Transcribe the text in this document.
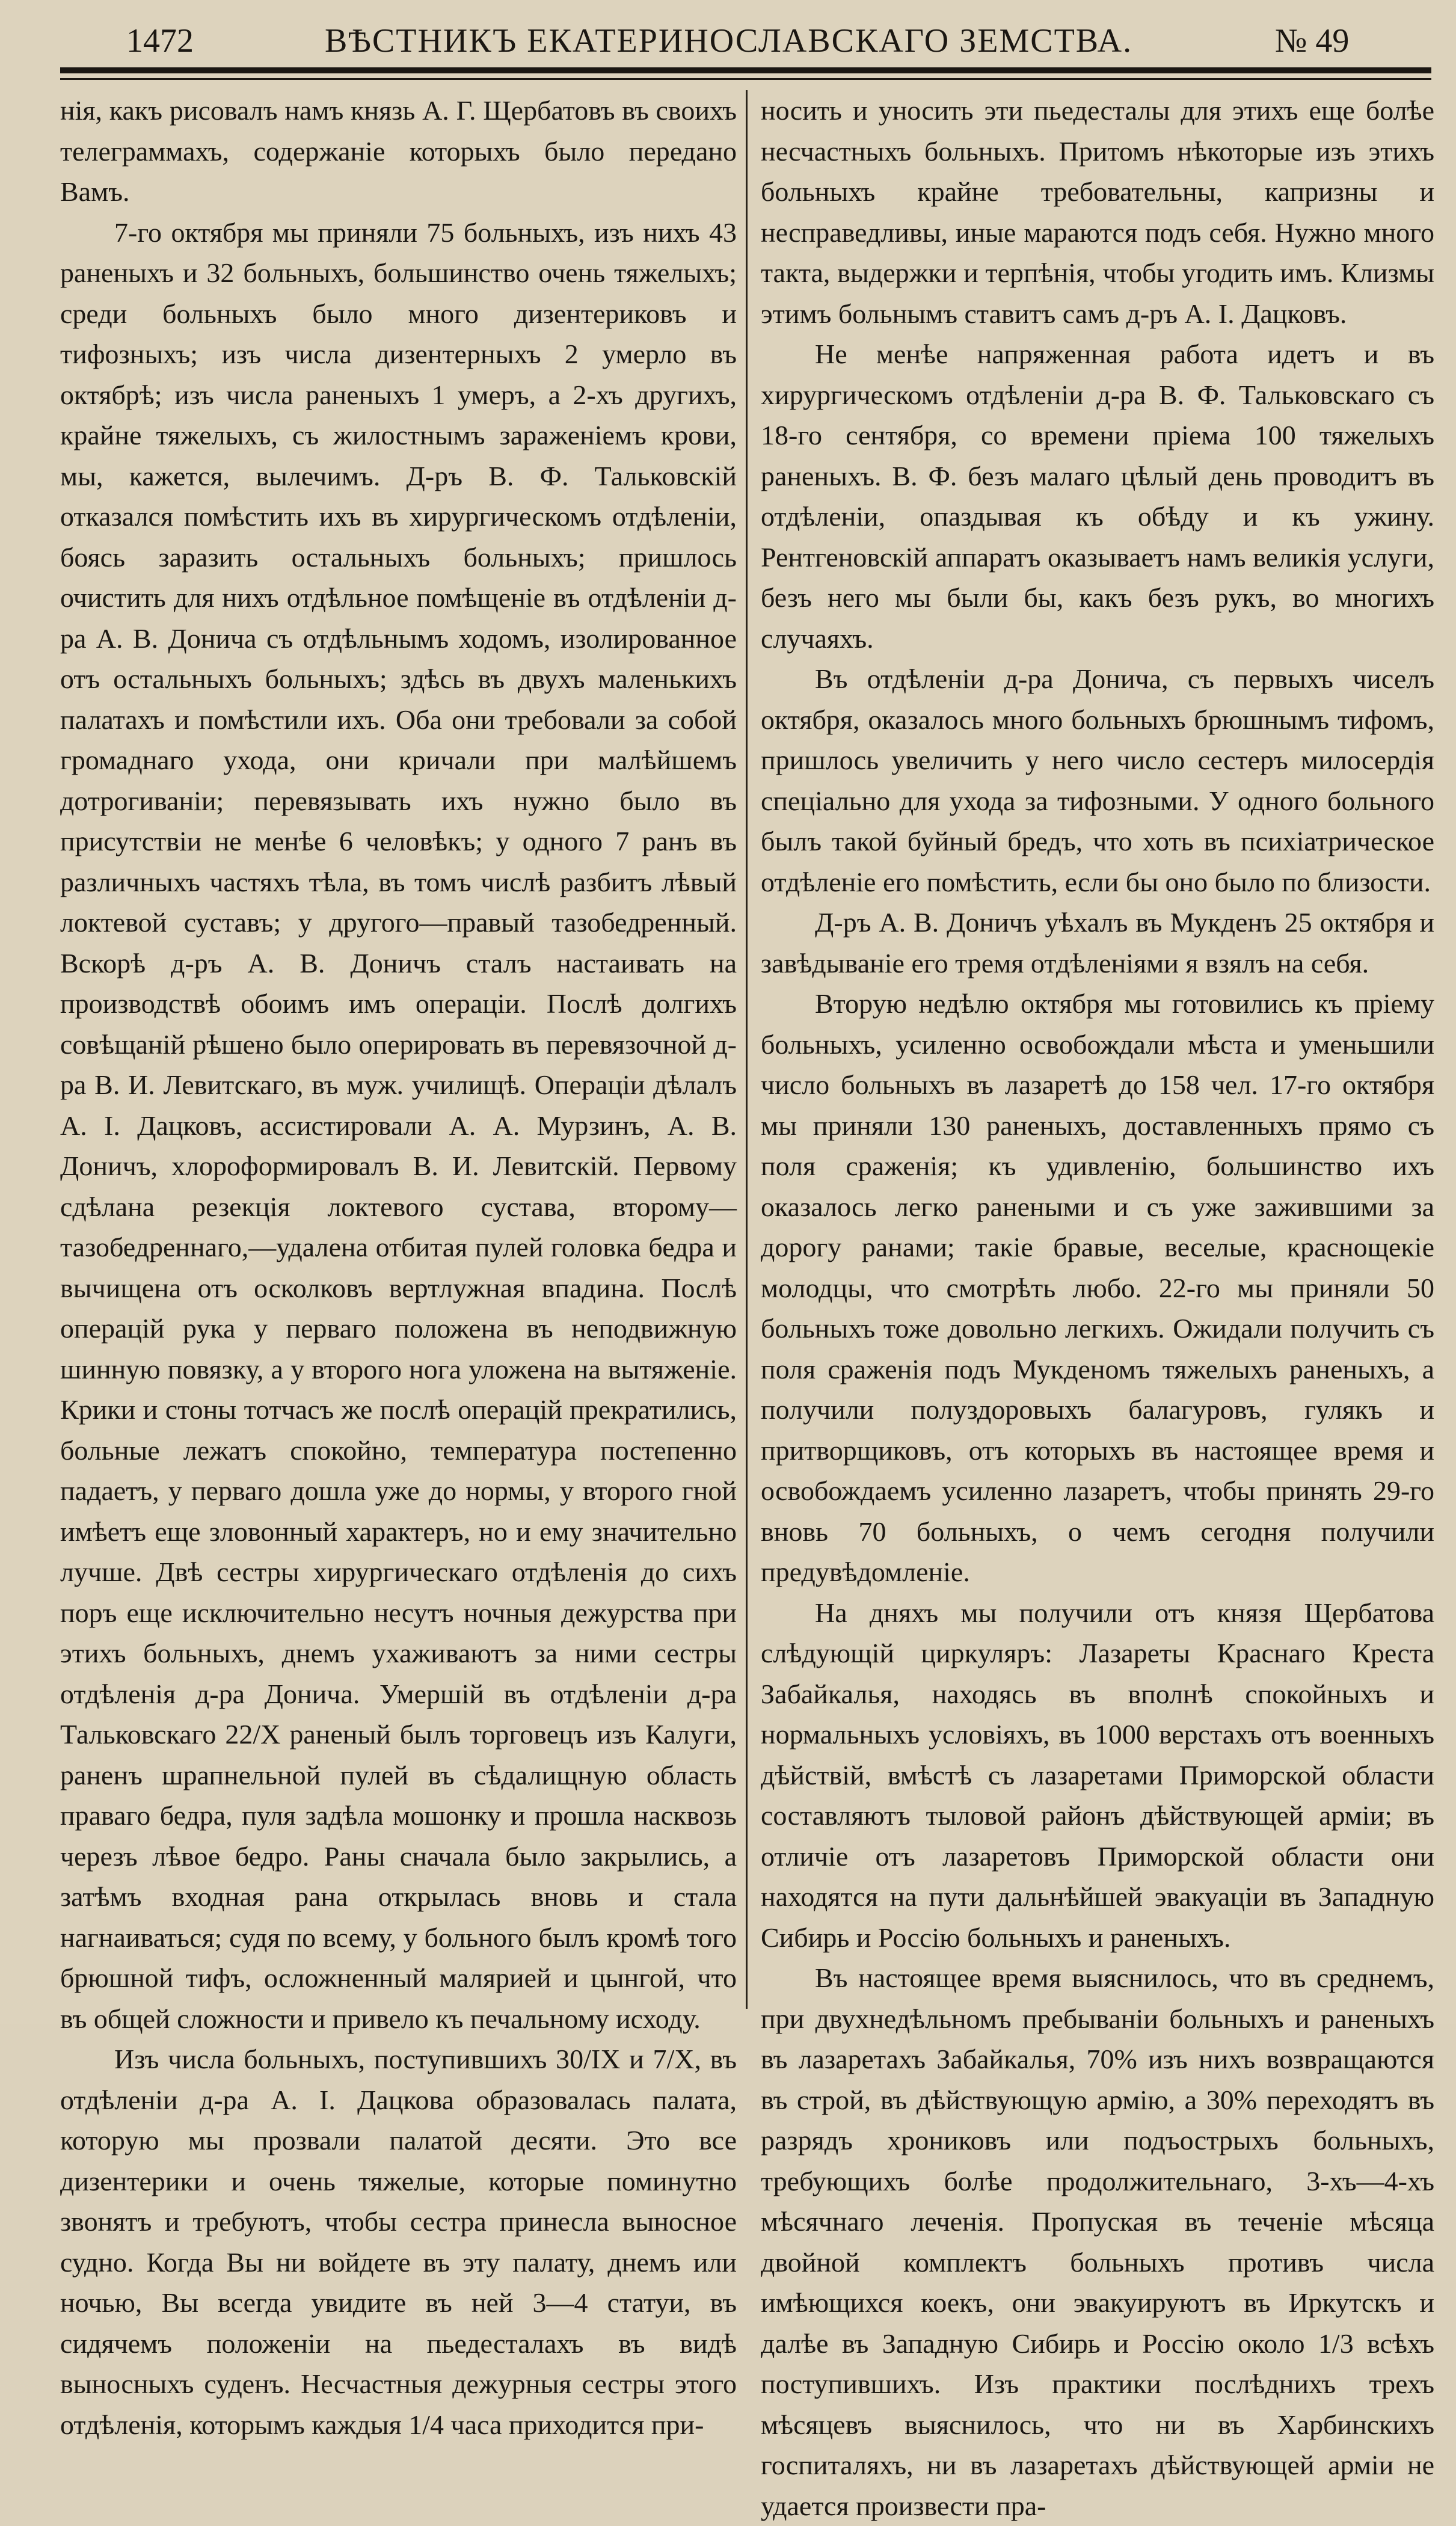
1472	ВѢСТНИКЪ ЕКАТЕРИНОСЛАВСКАГО ЗЕМСТВА.	№ 49

нія, какъ рисовалъ намъ князь А. Г. Щербатовъ въ своихъ телеграммахъ, содержаніе которыхъ было передано Вамъ.

7-го октября мы приняли 75 больныхъ, изъ нихъ 43 раненыхъ и 32 больныхъ, большинство очень тяжелыхъ; среди больныхъ было много дизентериковъ и тифозныхъ; изъ числа дизентерныхъ 2 умерло въ октябрѣ; изъ числа раненыхъ 1 умеръ, а 2-хъ другихъ, крайне тяжелыхъ, съ жилостнымъ зараженіемъ крови, мы, кажется, вылечимъ. Д-ръ В. Ф. Тальковскій отказался помѣстить ихъ въ хирургическомъ отдѣленіи, боясь заразить остальныхъ больныхъ; пришлось очистить для нихъ отдѣльное помѣщеніе въ отдѣленіи д-ра А. В. Донича съ отдѣльнымъ ходомъ, изолированное отъ остальныхъ больныхъ; здѣсь въ двухъ маленькихъ палатахъ и помѣстили ихъ. Оба они требовали за собой громаднаго ухода, они кричали при малѣйшемъ дотрогиваніи; перевязывать ихъ нужно было въ присутствіи не менѣе 6 человѣкъ; у одного 7 ранъ въ различныхъ частяхъ тѣла, въ томъ числѣ разбитъ лѣвый локтевой суставъ; у другого—правый тазобедренный. Вскорѣ д-ръ А. В. Доничъ сталъ настаивать на производствѣ обоимъ имъ операціи. Послѣ долгихъ совѣщаній рѣшено было оперировать въ перевязочной д-ра В. И. Левитскаго, въ муж. училищѣ. Операціи дѣлалъ А. І. Дацковъ, ассистировали А. А. Мурзинъ, А. В. Доничъ, хлороформировалъ В. И. Левитскій. Первому сдѣлана резекція локтевого сустава, второму—тазобедреннаго,—удалена отбитая пулей головка бедра и вычищена отъ осколковъ вертлужная впадина. Послѣ операцій рука у перваго положена въ неподвижную шинную повязку, а у второго нога уложена на вытяженіе. Крики и стоны тотчасъ же послѣ операцій прекратились, больные лежатъ спокойно, температура постепенно падаетъ, у перваго дошла уже до нормы, у второго гной имѣетъ еще зловонный характеръ, но и ему значительно лучше. Двѣ сестры хирургическаго отдѣленія до сихъ поръ еще исключительно несутъ ночныя дежурства при этихъ больныхъ, днемъ ухаживаютъ за ними сестры отдѣленія д-ра Донича. Умершій въ отдѣленіи д-ра Тальковскаго 22/X раненый былъ торговецъ изъ Калуги, раненъ шрапнельной пулей въ сѣдалищную область праваго бедра, пуля задѣла мошонку и прошла насквозь черезъ лѣвое бедро. Раны сначала было закрылись, а затѣмъ входная рана открылась вновь и стала нагнаиваться; судя по всему, у больного былъ кромѣ того брюшной тифъ, осложненный малярией и цынгой, что въ общей сложности и привело къ печальному исходу.

Изъ числа больныхъ, поступившихъ 30/IX и 7/X, въ отдѣленіи д-ра А. І. Дацкова образовалась палата, которую мы прозвали палатой десяти. Это все дизентерики и очень тяжелые, которые поминутно звонятъ и требуютъ, чтобы сестра принесла выносное судно. Когда Вы ни войдете въ эту палату, днемъ или ночью, Вы всегда увидите въ ней 3—4 статуи, въ сидячемъ положеніи на пьедесталахъ въ видѣ выносныхъ суденъ. Несчастныя дежурныя сестры этого отдѣленія, которымъ каждыя 1/4 часа приходится при-

носить и уносить эти пьедесталы для этихъ еще болѣе несчастныхъ больныхъ. Притомъ нѣкоторые изъ этихъ больныхъ крайне требовательны, капризны и несправедливы, иные мараются подъ себя. Нужно много такта, выдержки и терпѣнія, чтобы угодить имъ. Клизмы этимъ больнымъ ставитъ самъ д-ръ А. І. Дацковъ.

Не менѣе напряженная работа идетъ и въ хирургическомъ отдѣленіи д-ра В. Ф. Тальковскаго съ 18-го сентября, со времени пріема 100 тяжелыхъ раненыхъ. В. Ф. безъ малаго цѣлый день проводитъ въ отдѣленіи, опаздывая къ обѣду и къ ужину. Рентгеновскій аппаратъ оказываетъ намъ великія услуги, безъ него мы были бы, какъ безъ рукъ, во многихъ случаяхъ.

Въ отдѣленіи д-ра Донича, съ первыхъ чиселъ октября, оказалось много больныхъ брюшнымъ тифомъ, пришлось увеличить у него число сестеръ милосердія спеціально для ухода за тифозными. У одного больного былъ такой буйный бредъ, что хоть въ психіатрическое отдѣленіе его помѣстить, если бы оно было по близости.

Д-ръ А. В. Доничъ уѣхалъ въ Мукденъ 25 октября и завѣдываніе его тремя отдѣленіями я взялъ на себя.

Вторую недѣлю октября мы готовились къ пріему больныхъ, усиленно освобождали мѣста и уменьшили число больныхъ въ лазаретѣ до 158 чел. 17-го октября мы приняли 130 раненыхъ, доставленныхъ прямо съ поля сраженія; къ удивленію, большинство ихъ оказалось легко ранеными и съ уже зажившими за дорогу ранами; такіе бравые, веселые, краснощекіе молодцы, что смотрѣть любо. 22-го мы приняли 50 больныхъ тоже довольно легкихъ. Ожидали получить съ поля сраженія подъ Мукденомъ тяжелыхъ раненыхъ, а получили полуздоровыхъ балагуровъ, гулякъ и притворщиковъ, отъ которыхъ въ настоящее время и освобождаемъ усиленно лазаретъ, чтобы принять 29-го вновь 70 больныхъ, о чемъ сегодня получили предувѣдомленіе.

На дняхъ мы получили отъ князя Щербатова слѣдующій циркуляръ: Лазареты Краснаго Креста Забайкалья, находясь въ вполнѣ спокойныхъ и нормальныхъ условіяхъ, въ 1000 верстахъ отъ военныхъ дѣйствій, вмѣстѣ съ лазаретами Приморской области составляютъ тыловой районъ дѣйствующей арміи; въ отличіе отъ лазаретовъ Приморской области они находятся на пути дальнѣйшей эвакуаціи въ Западную Сибирь и Россію больныхъ и раненыхъ.

Въ настоящее время выяснилось, что въ среднемъ, при двухнедѣльномъ пребываніи больныхъ и раненыхъ въ лазаретахъ Забайкалья, 70% изъ нихъ возвращаются въ строй, въ дѣйствующую армію, а 30% переходятъ въ разрядъ хрониковъ или подъострыхъ больныхъ, требующихъ болѣе продолжительнаго, 3-хъ—4-хъ мѣсячнаго леченія. Пропуская въ теченіе мѣсяца двойной комплектъ больныхъ противъ числа имѣющихся коекъ, они эвакуируютъ въ Иркутскъ и далѣе въ Западную Сибирь и Россію около 1/3 всѣхъ поступившихъ. Изъ практики послѣднихъ трехъ мѣсяцевъ выяснилось, что ни въ Харбинскихъ госпиталяхъ, ни въ лазаретахъ дѣйствующей арміи не удается произвести пра-
